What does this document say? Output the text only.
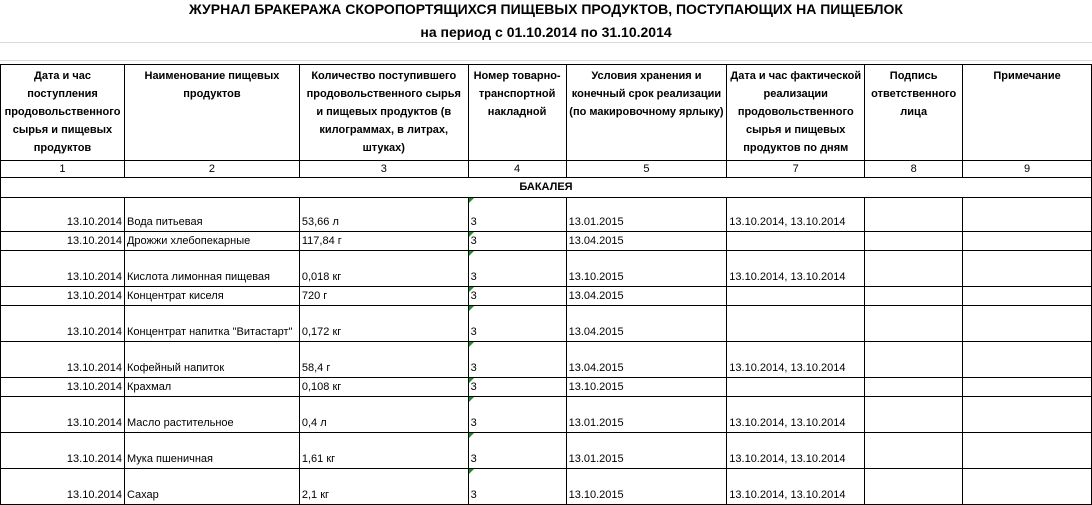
ЖУРНАЛ БРАКЕРАЖА СКОРОПОРТЯЩИХСЯ ПИЩЕВЫХ ПРОДУКТОВ, ПОСТУПАЮЩИХ НА ПИЩЕБЛОК
на период с 01.10.2014 по 31.10.2014
Дата и час поступления продовольственного сырья и пищевых продуктов	Наименование пищевых продуктов	Количество поступившего продовольственного сырья и пищевых продуктов (в килограммах, в литрах, штуках)	Номер товарно-транспортной накладной	Условия хранения и конечный срок реализации (по макировочному ярлыку)	Дата и час фактической реализации продовольственного сырья и пищевых продуктов по дням	Подпись ответственного лица	Примечание
1	2	3	4	5	7	8	9
БАКАЛЕЯ							
13.10.2014	Вода питьевая	53,66 л	3	13.01.2015	13.10.2014, 13.10.2014		
13.10.2014	Дрожжи хлебопекарные	117,84 г	3	13.04.2015			
13.10.2014	Кислота лимонная пищевая	0,018 кг	3	13.10.2015	13.10.2014, 13.10.2014		
13.10.2014	Концентрат киселя	720 г	3	13.04.2015			
13.10.2014	Концентрат напитка "Витастарт"	0,172 кг	3	13.04.2015			
13.10.2014	Кофейный напиток	58,4 г	3	13.04.2015	13.10.2014, 13.10.2014		
13.10.2014	Крахмал	0,108 кг	3	13.10.2015			
13.10.2014	Масло растительное	0,4 л	3	13.01.2015	13.10.2014, 13.10.2014		
13.10.2014	Мука пшеничная	1,61 кг	3	13.01.2015	13.10.2014, 13.10.2014		
13.10.2014	Сахар	2,1 кг	3	13.10.2015	13.10.2014, 13.10.2014		
